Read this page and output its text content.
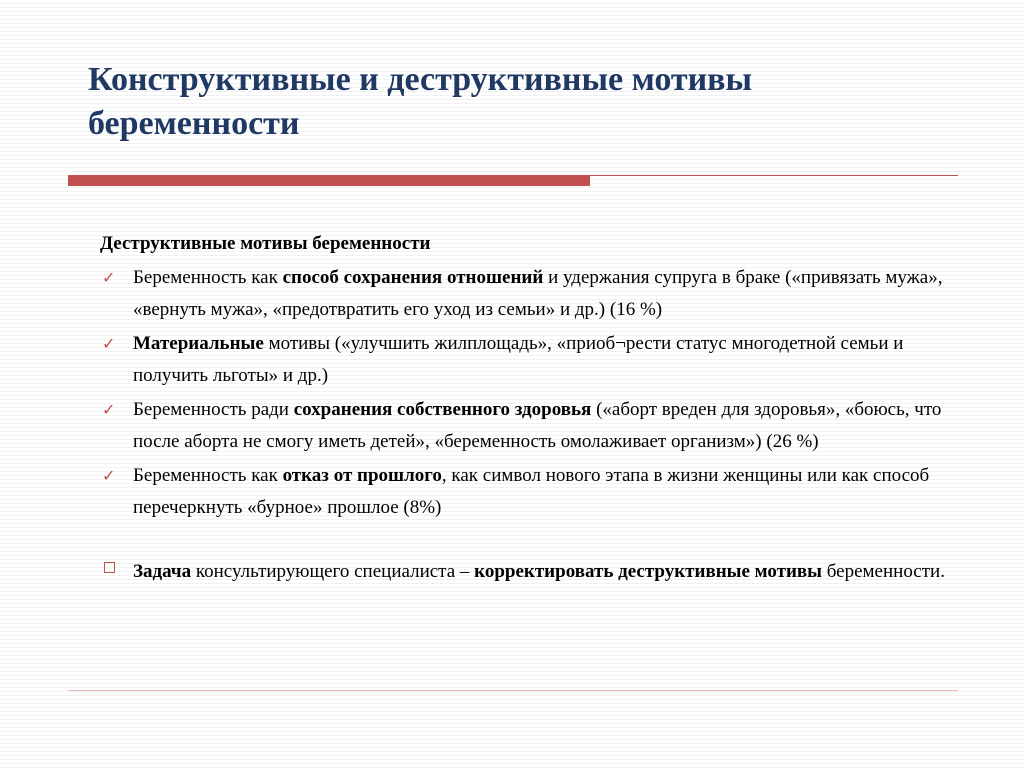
Конструктивные и деструктивные мотивы
беременности
Деструктивные мотивы беременности
✓ Беременность как способ сохранения отношений и удержания супруга в браке («привязать мужа», «вернуть мужа», «предотвратить его уход из семьи» и др.) (16 %)
✓ Материальные мотивы («улучшить жилплощадь», «приоб¬рести статус многодетной семьи и получить льготы» и др.)
✓ Беременность ради сохранения собственного здоровья («аборт вреден для здоровья», «боюсь, что после аборта не смогу иметь детей», «беременность омолаживает организм») (26 %)
✓ Беременность как отказ от прошлого, как символ нового этапа в жизни женщины или как способ перечеркнуть «бурное» прошлое (8%)
Задача консультирующего специалиста – корректировать деструктивные мотивы беременности.
